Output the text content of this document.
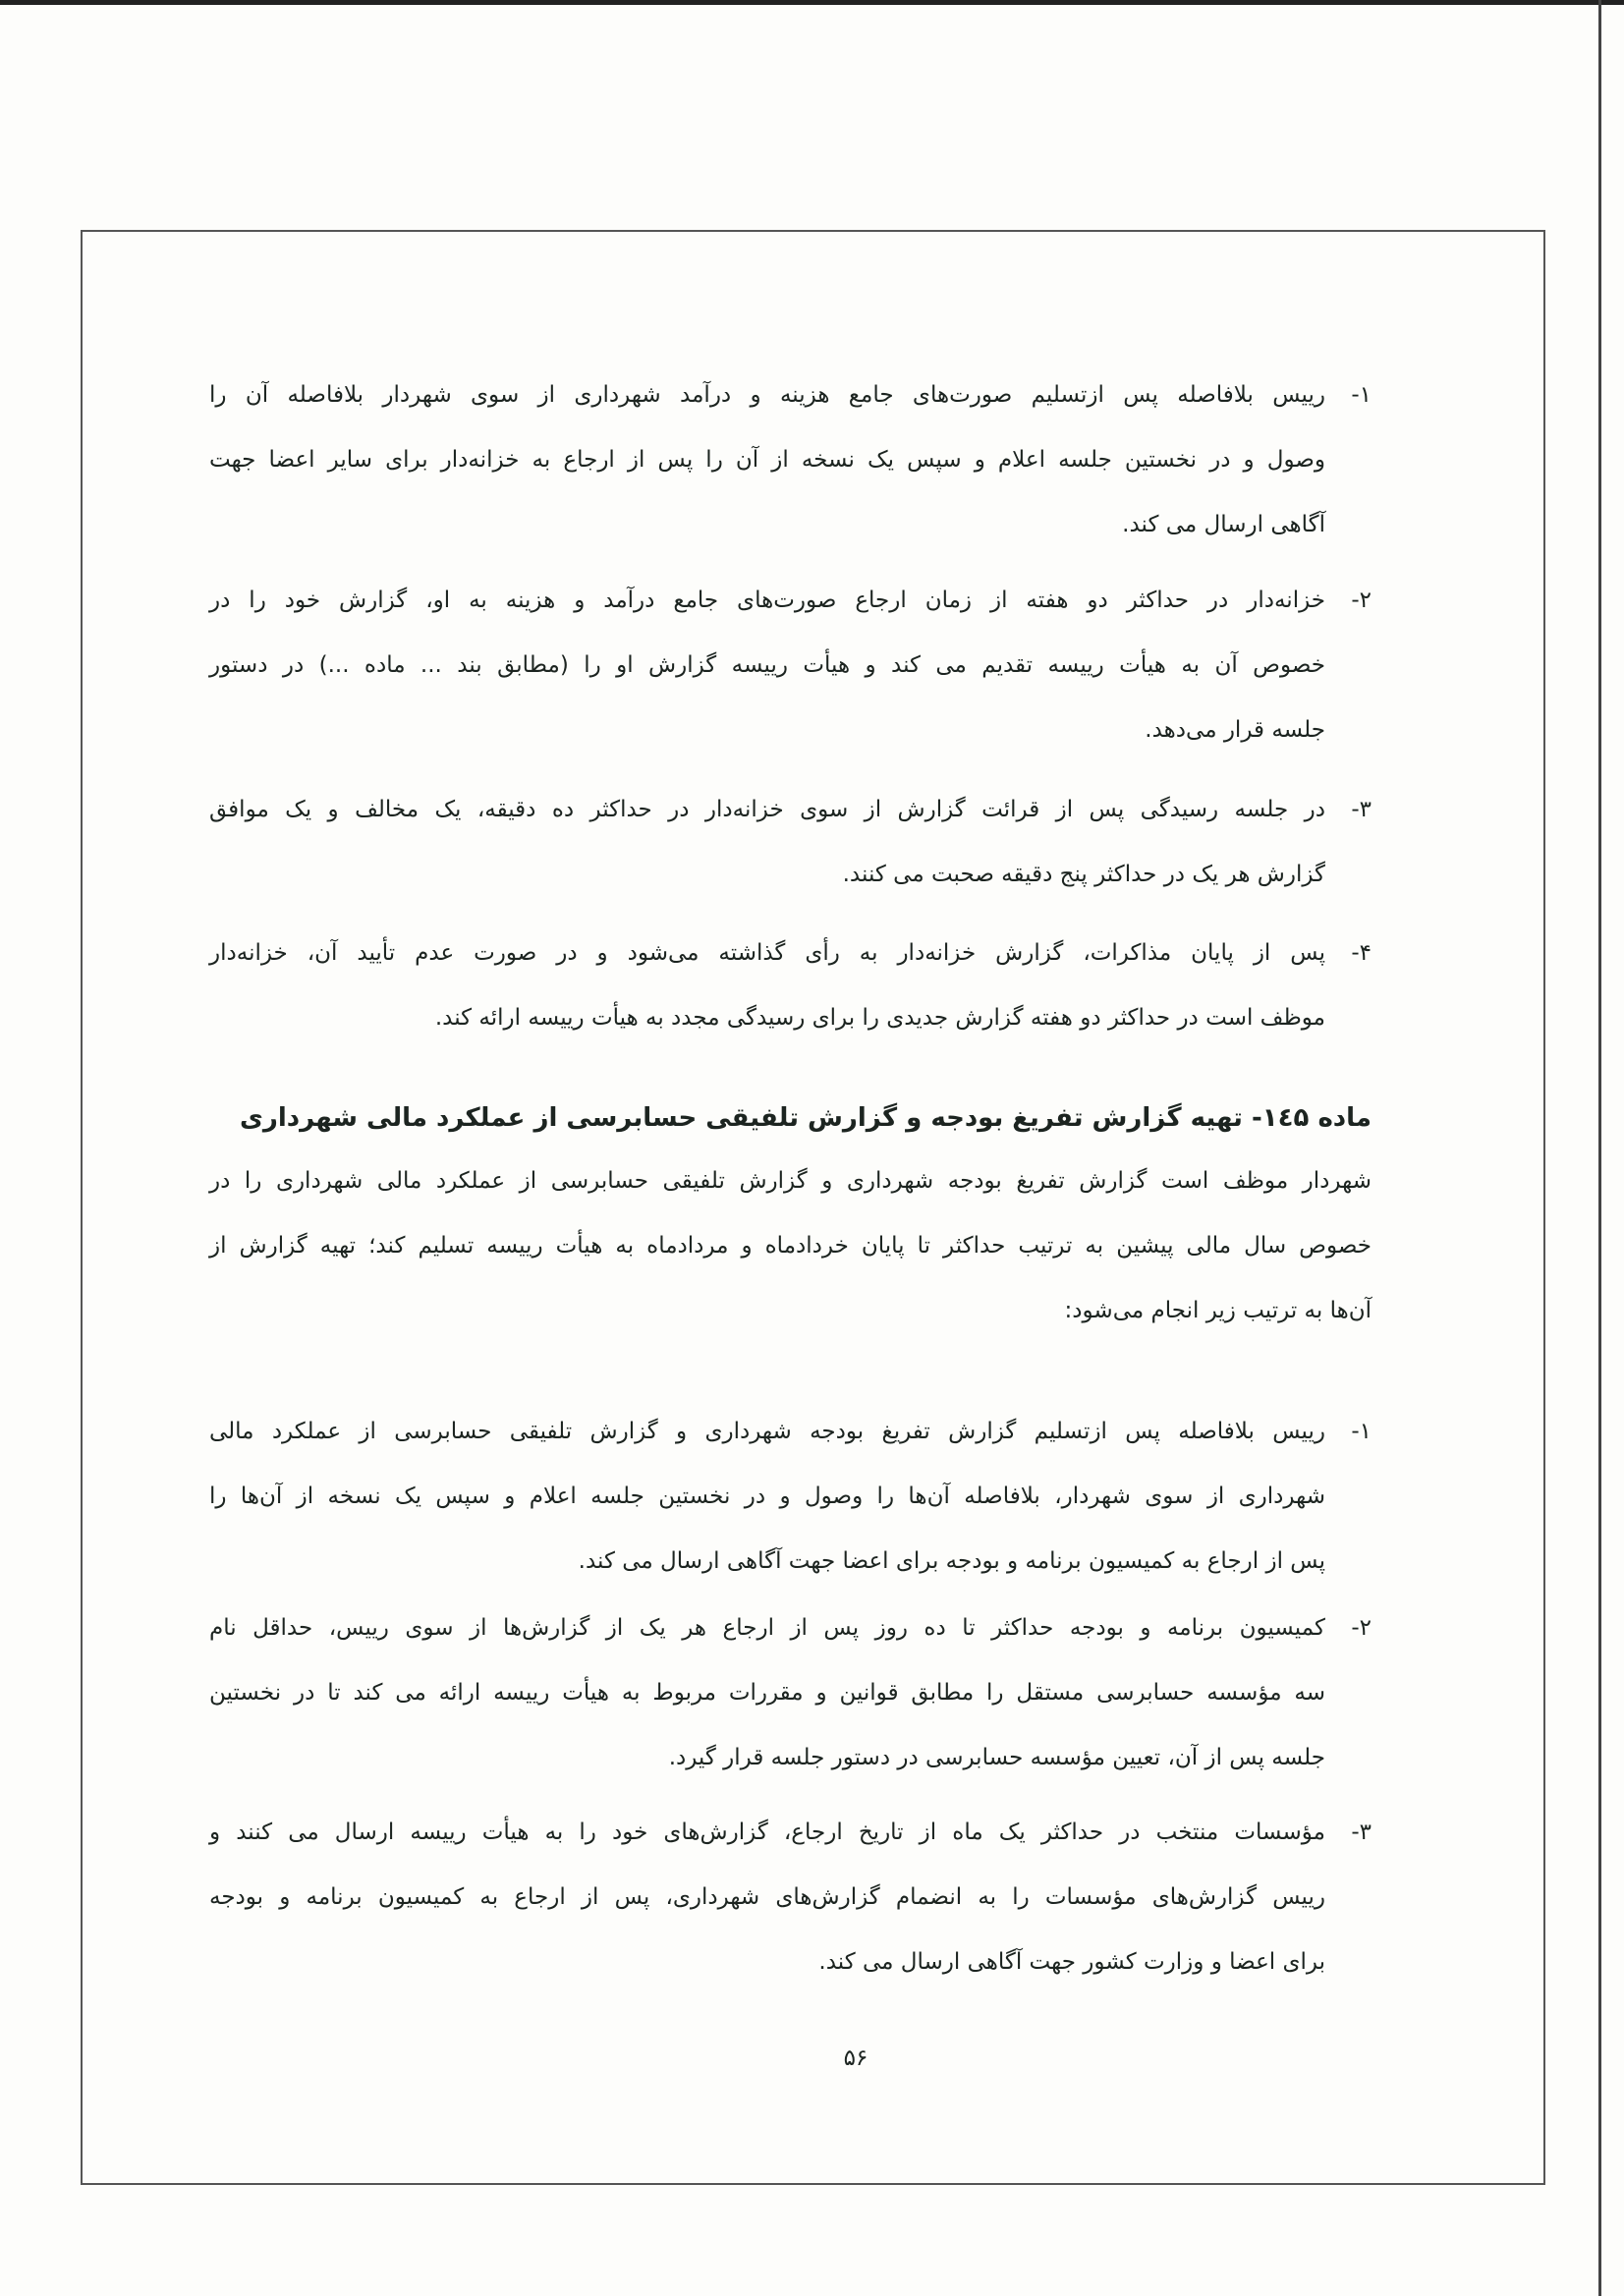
۱-
رییس بلافاصله پس ازتسلیم صورت‌های جامع هزینه و درآمد شهرداری از سوی شهردار بلافاصله آن را
وصول و در نخستین جلسه اعلام و سپس یک نسخه از آن را پس از ارجاع به خزانه‌دار برای سایر اعضا جهت
آگاهی ارسال می کند.
۲-
خزانه‌دار در حداکثر دو هفته از زمان ارجاع صورت‌های جامع درآمد و هزینه به او، گزارش خود را در
خصوص آن به هیأت رییسه تقدیم می کند و هیأت رییسه گزارش او را (مطابق بند ... ماده ...) در دستور
جلسه قرار می‌دهد.
۳-
در جلسه رسیدگی پس از قرائت گزارش از سوی خزانه‌دار در حداکثر ده دقیقه، یک مخالف و یک موافق
گزارش هر یک در حداکثر پنج دقیقه صحبت می کنند.
۴-
پس از پایان مذاکرات، گزارش خزانه‌دار به رأی گذاشته می‌شود و در صورت عدم تأیید آن، خزانه‌دار
موظف است در حداکثر دو هفته گزارش جدیدی را برای رسیدگی مجدد به هیأت رییسه ارائه کند.
ماده ۱٤۵- تهیه گزارش تفریغ بودجه و گزارش تلفیقی حسابرسی از عملکرد مالی شهرداری
شهردار موظف است گزارش تفریغ بودجه شهرداری و گزارش تلفیقی حسابرسی از عملکرد مالی شهرداری را در
خصوص سال مالی پیشین به ترتیب حداکثر تا پایان خردادماه و مردادماه به هیأت رییسه تسلیم کند؛ تهیه گزارش از
آن‌ها به ترتیب زیر انجام می‌شود:
۱-
رییس بلافاصله پس ازتسلیم گزارش تفریغ بودجه شهرداری و گزارش تلفیقی حسابرسی از عملکرد مالی
شهرداری از سوی شهردار، بلافاصله آن‌ها را وصول و در نخستین جلسه اعلام و سپس یک نسخه از آن‌ها را
پس از ارجاع به کمیسیون برنامه و بودجه برای اعضا جهت آگاهی ارسال می کند.
۲-
کمیسیون برنامه و بودجه حداکثر تا ده روز پس از ارجاع هر یک از گزارش‌ها از سوی رییس، حداقل نام
سه مؤسسه حسابرسی مستقل را مطابق قوانین و مقررات مربوط به هیأت رییسه ارائه می کند تا در نخستین
جلسه پس از آن، تعیین مؤسسه حسابرسی در دستور جلسه قرار گیرد.
۳-
مؤسسات منتخب در حداکثر یک ماه از تاریخ ارجاع، گزارش‌های خود را به هیأت رییسه ارسال می کنند و
رییس گزارش‌های مؤسسات را به انضمام گزارش‌های شهرداری، پس از ارجاع به کمیسیون برنامه و بودجه
برای اعضا و وزارت کشور جهت آگاهی ارسال می کند.
۵۶
